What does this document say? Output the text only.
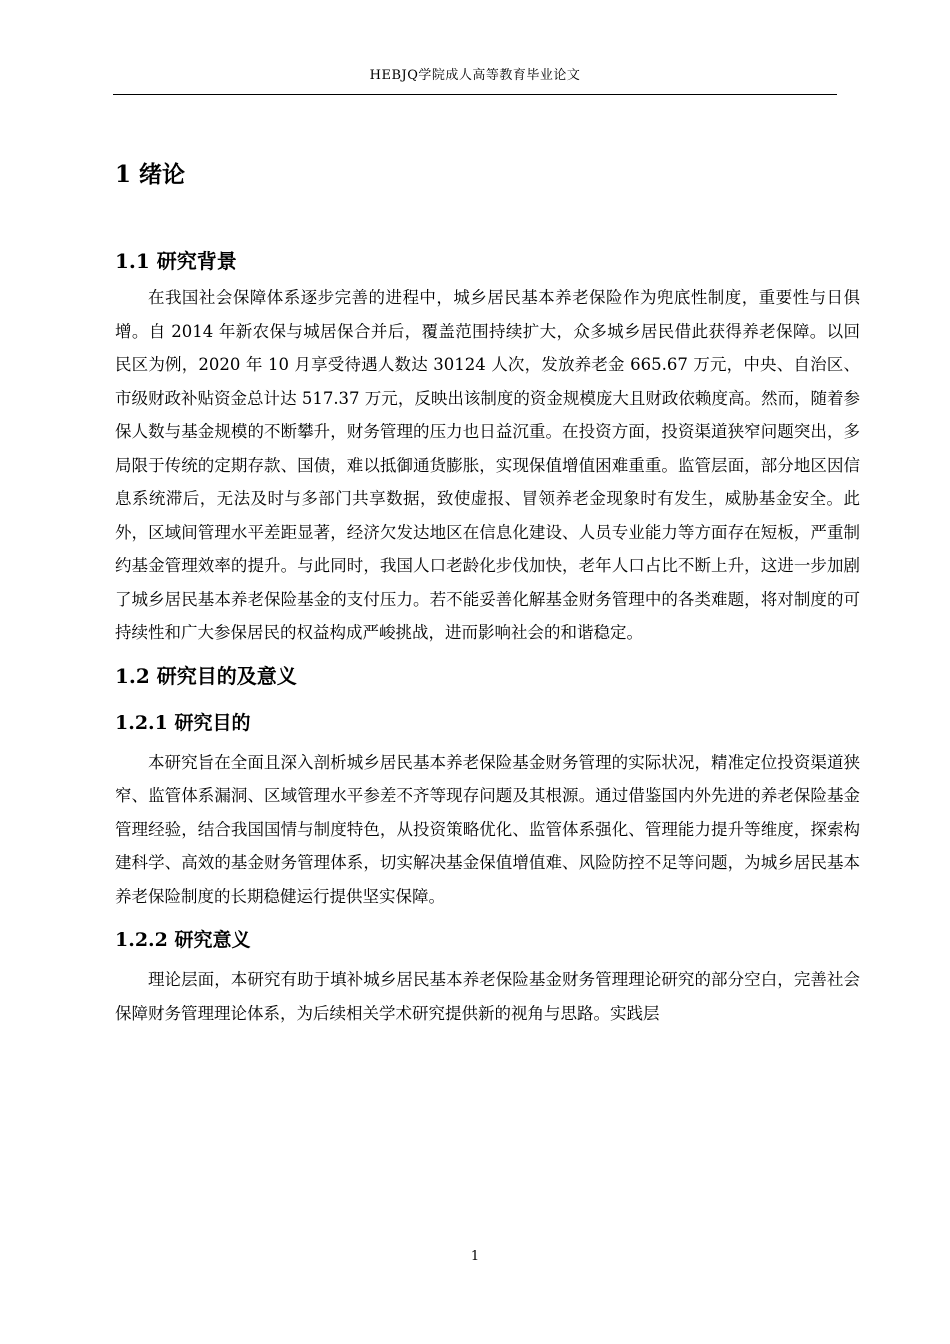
HEBJQ学院成人高等教育毕业论文
1 绪论
1.1 研究背景

在我国社会保障体系逐步完善的进程中，城乡居民基本养老保险作为兜底性制度，重要性与日俱增。自 2014 年新农保与城居保合并后，覆盖范围持续扩大，众多城乡居民借此获得养老保障。以回民区为例，2020 年 10 月享受待遇人数达 30124 人次，发放养老金 665.67 万元，中央、自治区、市级财政补贴资金总计达 517.37 万元，反映出该制度的资金规模庞大且财政依赖度高。然而，随着参保人数与基金规模的不断攀升，财务管理的压力也日益沉重。在投资方面，投资渠道狭窄问题突出，多局限于传统的定期存款、国债，难以抵御通货膨胀，实现保值增值困难重重。监管层面，部分地区因信息系统滞后，无法及时与多部门共享数据，致使虚报、冒领养老金现象时有发生，威胁基金安全。此外，区域间管理水平差距显著，经济欠发达地区在信息化建设、人员专业能力等方面存在短板，严重制约基金管理效率的提升。与此同时，我国人口老龄化步伐加快，老年人口占比不断上升，这进一步加剧了城乡居民基本养老保险基金的支付压力。若不能妥善化解基金财务管理中的各类难题，将对制度的可持续性和广大参保居民的权益构成严峻挑战，进而影响社会的和谐稳定。

1.2 研究目的及意义
1.2.1 研究目的

本研究旨在全面且深入剖析城乡居民基本养老保险基金财务管理的实际状况，精准定位投资渠道狭窄、监管体系漏洞、区域管理水平参差不齐等现存问题及其根源。通过借鉴国内外先进的养老保险基金管理经验，结合我国国情与制度特色，从投资策略优化、监管体系强化、管理能力提升等维度，探索构建科学、高效的基金财务管理体系，切实解决基金保值增值难、风险防控不足等问题，为城乡居民基本养老保险制度的长期稳健运行提供坚实保障。

1.2.2 研究意义

理论层面，本研究有助于填补城乡居民基本养老保险基金财务管理理论研究的部分空白，完善社会保障财务管理理论体系，为后续相关学术研究提供新的视角与思路。实践层

1
